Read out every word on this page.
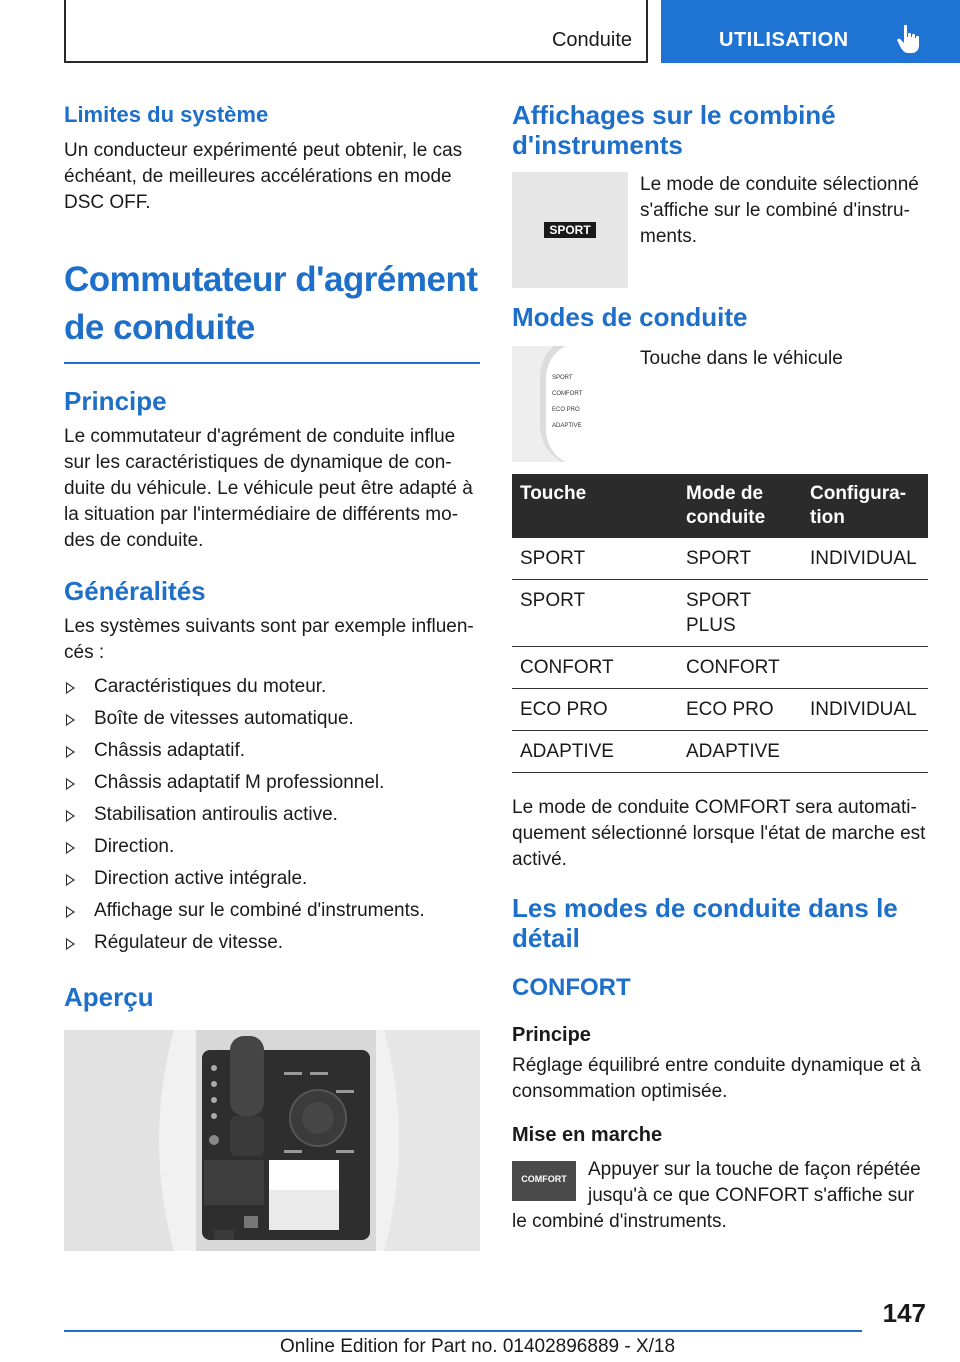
Conduite	UTILISATION
Limites du système

Un conducteur expérimenté peut obtenir, le cas échéant, de meilleures accélérations en mode DSC OFF.

Commutateur d'agrément
de conduite
Principe

Le commutateur d'agrément de conduite influe sur les caractéristiques de dynamique de con-duite du véhicule. Le véhicule peut être adapté à la situation par l'intermédiaire de différents mo-des de conduite.

Généralités

Les systèmes suivants sont par exemple influen-cés :

Caractéristiques du moteur.
Boîte de vitesses automatique.
Châssis adaptatif.
Châssis adaptatif M professionnel.
Stabilisation antiroulis active.
Direction.
Direction active intégrale.
Affichage sur le combiné d'instruments.
Régulateur de vitesse.
Aperçu
Affichages sur le combiné d'instruments
SPORT

Le mode de conduite sélectionné s'affiche sur le combiné d'instru-ments.

Modes de conduite
SPORT
COMFORT
ECO PRO
ADAPTIVE

Touche dans le véhicule

Touche	Mode de conduite	Configura-tion
SPORT	SPORT	INDIVIDUAL
SPORT	SPORT PLUS	
CONFORT	CONFORT	
ECO PRO	ECO PRO	INDIVIDUAL
ADAPTIVE	ADAPTIVE	

Le mode de conduite COMFORT sera automati-quement sélectionné lorsque l'état de marche est activé.

Les modes de conduite dans le détail
CONFORT
Principe

Réglage équilibré entre conduite dynamique et à consommation optimisée.

Mise en marche
COMFORT	Appuyer sur la touche de façon répétée jusqu'à ce que CONFORT s'affiche sur le combiné d'instruments.

147
Online Edition for Part no. 01402896889 - X/18
